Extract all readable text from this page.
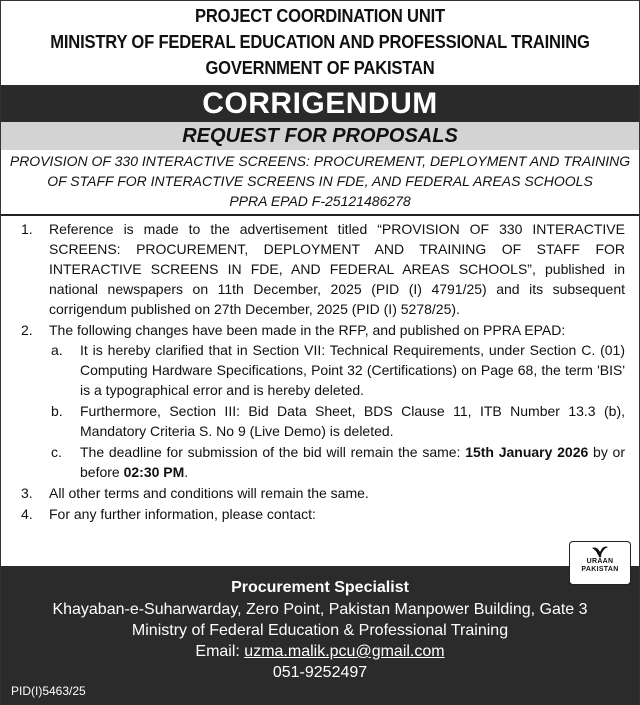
PROJECT COORDINATION UNIT
MINISTRY OF FEDERAL EDUCATION AND PROFESSIONAL TRAINING
GOVERNMENT OF PAKISTAN
CORRIGENDUM
REQUEST FOR PROPOSALS
PROVISION OF 330 INTERACTIVE SCREENS: PROCUREMENT, DEPLOYMENT AND TRAINING
OF STAFF FOR INTERACTIVE SCREENS IN FDE, AND FEDERAL AREAS SCHOOLS
PPRA EPAD F-25121486278
1. Reference is made to the advertisement titled “PROVISION OF 330 INTERACTIVE SCREENS: PROCUREMENT, DEPLOYMENT AND TRAINING OF STAFF FOR INTERACTIVE SCREENS IN FDE, AND FEDERAL AREAS SCHOOLS”, published in national newspapers on 11th December, 2025 (PID (I) 4791/25) and its subsequent corrigendum published on 27th December, 2025 (PID (I) 5278/25).
2. The following changes have been made in the RFP, and published on PPRA EPAD:
a. It is hereby clarified that in Section VII: Technical Requirements, under Section C. (01) Computing Hardware Specifications, Point 32 (Certifications) on Page 68, the term 'BIS' is a typographical error and is hereby deleted.
b. Furthermore, Section III: Bid Data Sheet, BDS Clause 11, ITB Number 13.3 (b), Mandatory Criteria S. No 9 (Live Demo) is deleted.
c. The deadline for submission of the bid will remain the same: 15th January 2026 by or before 02:30 PM.
3. All other terms and conditions will remain the same.
4. For any further information, please contact:
Procurement Specialist
Khayaban-e-Suharwarday, Zero Point, Pakistan Manpower Building, Gate 3
Ministry of Federal Education & Professional Training
Email: uzma.malik.pcu@gmail.com
051-9252497
PID(I)5463/25
URAAN
PAKISTAN
